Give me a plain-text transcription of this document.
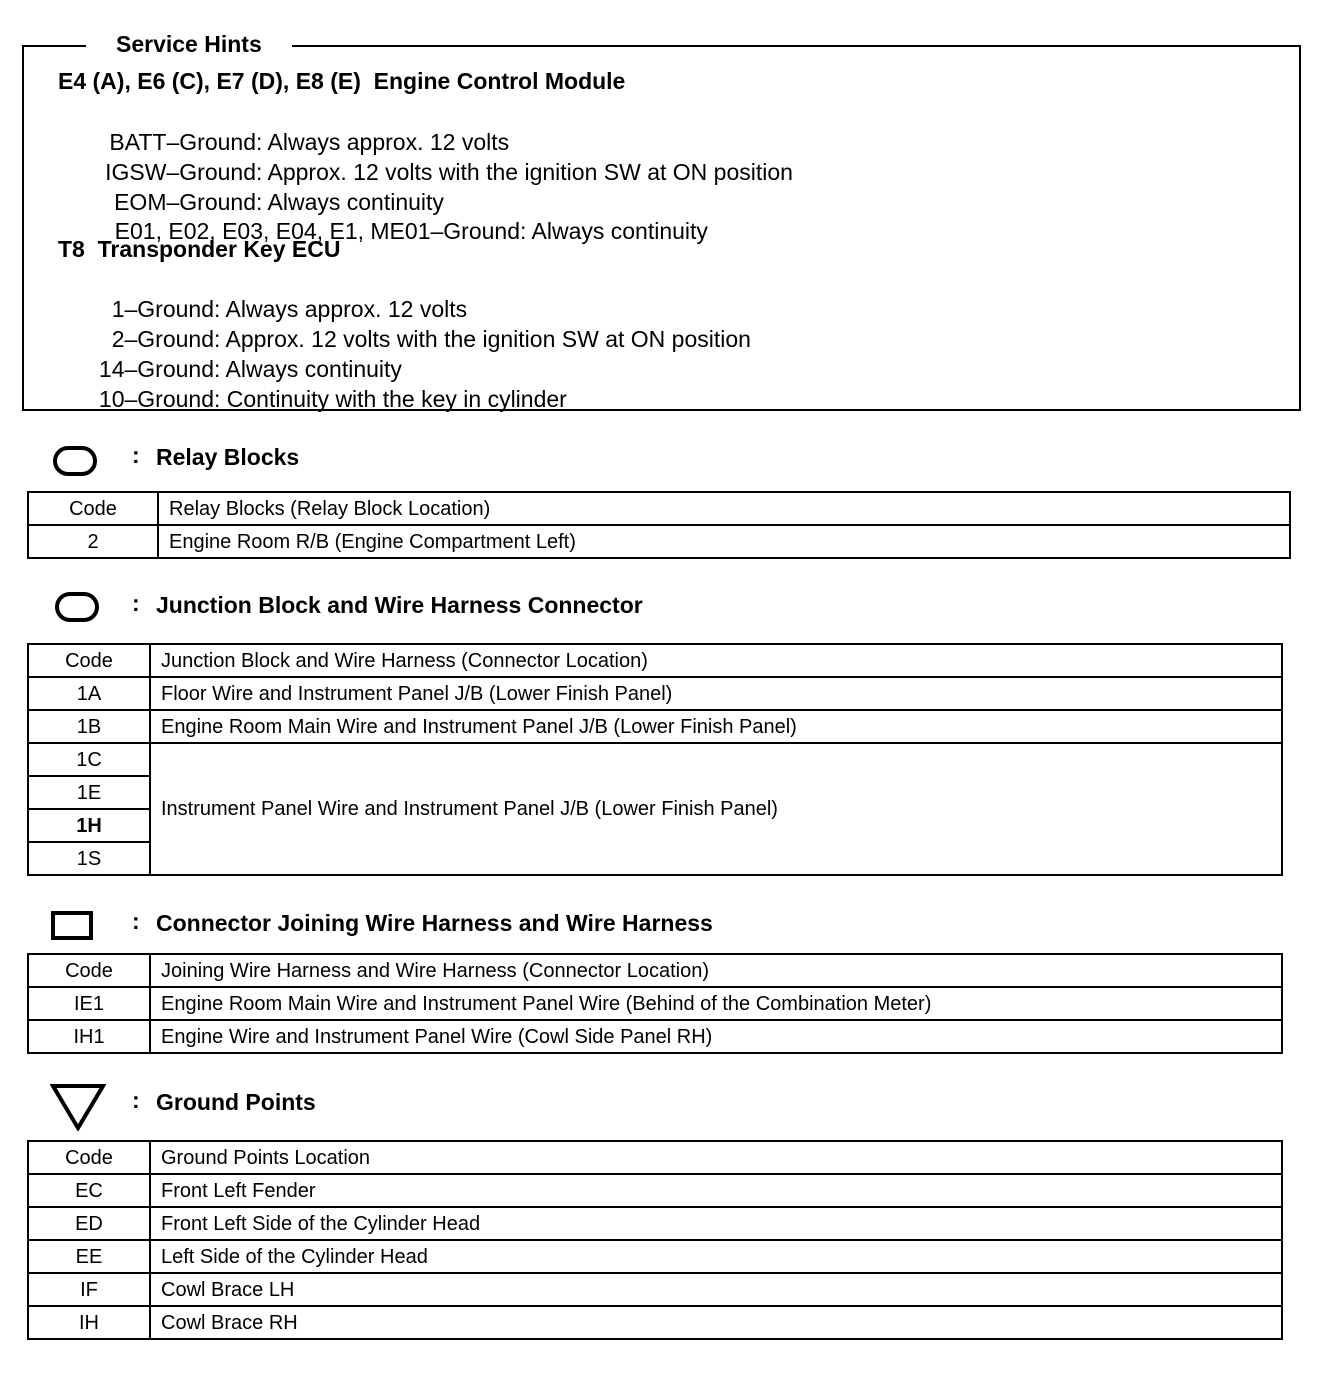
Service Hints
E4 (A), E6 (C), E7 (D), E8 (E)  Engine Control Module

BATT–Ground

: Always approx. 12 volts

IGSW–Ground

: Approx. 12 volts with the ignition SW at ON position

EOM–Ground

: Always continuity

E01, E02, E03, E04, E1, ME01–Ground

: Always continuity

T8  Transponder Key ECU

1–Ground

: Always approx. 12 volts

2–Ground

: Approx. 12 volts with the ignition SW at ON position

14–Ground

: Always continuity

10–Ground

: Continuity with the key in cylinder

: Relay Blocks
Code	Relay Blocks (Relay Block Location)
2	Engine Room R/B (Engine Compartment Left)
: Junction Block and Wire Harness Connector
Code	Junction Block and Wire Harness (Connector Location)
1A	Floor Wire and Instrument Panel J/B (Lower Finish Panel)
1B	Engine Room Main Wire and Instrument Panel J/B (Lower Finish Panel)
1C	Instrument Panel Wire and Instrument Panel J/B (Lower Finish Panel)
1E	
1H	
1S	
: Connector Joining Wire Harness and Wire Harness
Code	Joining Wire Harness and Wire Harness (Connector Location)
IE1	Engine Room Main Wire and Instrument Panel Wire (Behind of the Combination Meter)
IH1	Engine Wire and Instrument Panel Wire (Cowl Side Panel RH)
: Ground Points
Code	Ground Points Location
EC	Front Left Fender
ED	Front Left Side of the Cylinder Head
EE	Left Side of the Cylinder Head
IF	Cowl Brace LH
IH	Cowl Brace RH
